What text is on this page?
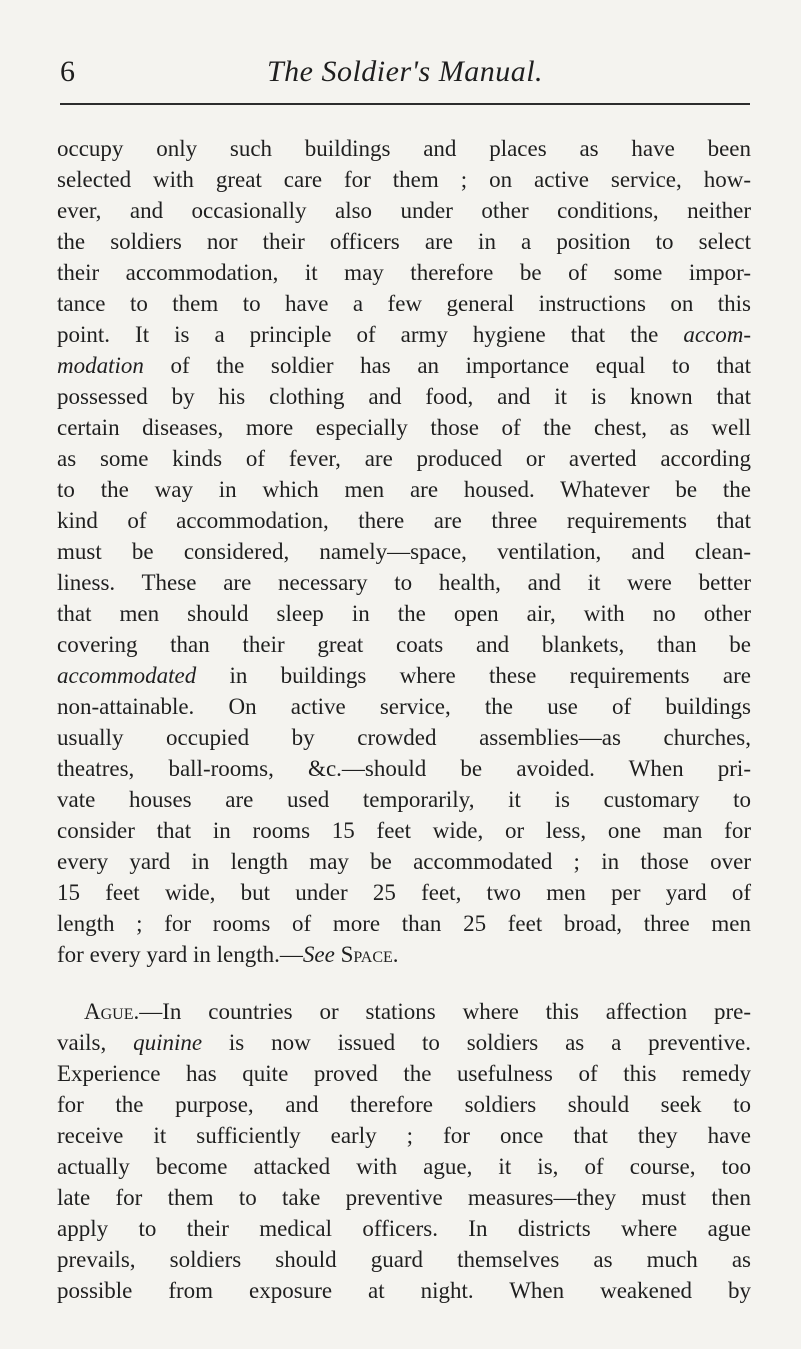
6	The Soldier's Manual.
occupy only such buildings and places as have been
selected with great care for them ; on active service, how-
ever, and occasionally also under other conditions, neither
the soldiers nor their officers are in a position to select
their accommodation, it may therefore be of some impor-
tance to them to have a few general instructions on this
point. It is a principle of army hygiene that the accom-
modation of the soldier has an importance equal to that
possessed by his clothing and food, and it is known that
certain diseases, more especially those of the chest, as well
as some kinds of fever, are produced or averted according
to the way in which men are housed. Whatever be the
kind of accommodation, there are three requirements that
must be considered, namely—space, ventilation, and clean-
liness. These are necessary to health, and it were better
that men should sleep in the open air, with no other
covering than their great coats and blankets, than be
accommodated in buildings where these requirements are
non-attainable. On active service, the use of buildings
usually occupied by crowded assemblies—as churches,
theatres, ball-rooms, &c.—should be avoided. When pri-
vate houses are used temporarily, it is customary to
consider that in rooms 15 feet wide, or less, one man for
every yard in length may be accommodated ; in those over
15 feet wide, but under 25 feet, two men per yard of
length ; for rooms of more than 25 feet broad, three men
for every yard in length.—See Space.
Ague.—In countries or stations where this affection pre-
vails, quinine is now issued to soldiers as a preventive.
Experience has quite proved the usefulness of this remedy
for the purpose, and therefore soldiers should seek to
receive it sufficiently early ; for once that they have
actually become attacked with ague, it is, of course, too
late for them to take preventive measures—they must then
apply to their medical officers. In districts where ague
prevails, soldiers should guard themselves as much as
possible from exposure at night. When weakened by
